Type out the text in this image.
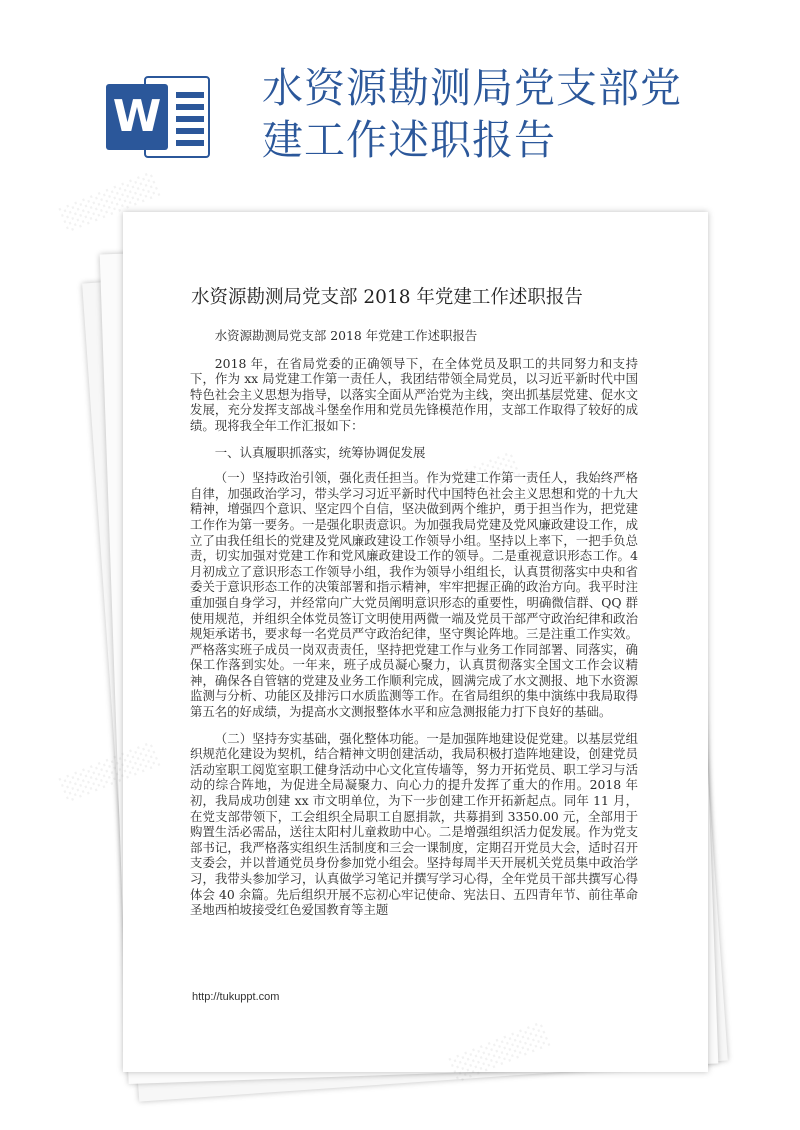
W
水资源勘测局党支部党
建工作述职报告
水资源勘测局党支部 2018 年党建工作述职报告

水资源勘测局党支部 2018 年党建工作述职报告

2018 年，在省局党委的正确领导下，在全体党员及职工的共同努力和支持下，作为 xx 局党建工作第一责任人，我团结带领全局党员，以习近平新时代中国特色社会主义思想为指导，以落实全面从严治党为主线，突出抓基层党建、促水文发展，充分发挥支部战斗堡垒作用和党员先锋模范作用，支部工作取得了较好的成绩。现将我全年工作汇报如下：

一、认真履职抓落实，统筹协调促发展

（一）坚持政治引领，强化责任担当。作为党建工作第一责任人，我始终严格自律，加强政治学习，带头学习习近平新时代中国特色社会主义思想和党的十九大精神，增强四个意识、坚定四个自信，坚决做到两个维护，勇于担当作为，把党建工作作为第一要务。一是强化职责意识。为加强我局党建及党风廉政建设工作，成立了由我任组长的党建及党风廉政建设工作领导小组。坚持以上率下，一把手负总责，切实加强对党建工作和党风廉政建设工作的领导。二是重视意识形态工作。4 月初成立了意识形态工作领导小组，我作为领导小组组长，认真贯彻落实中央和省委关于意识形态工作的决策部署和指示精神，牢牢把握正确的政治方向。我平时注重加强自身学习，并经常向广大党员阐明意识形态的重要性，明确微信群、QQ 群使用规范，并组织全体党员签订文明使用两微一端及党员干部严守政治纪律和政治规矩承诺书，要求每一名党员严守政治纪律，坚守舆论阵地。三是注重工作实效。严格落实班子成员一岗双责责任，坚持把党建工作与业务工作同部署、同落实，确保工作落到实处。一年来，班子成员凝心聚力，认真贯彻落实全国文工作会议精神，确保各自管辖的党建及业务工作顺利完成，圆满完成了水文测报、地下水资源监测与分析、功能区及排污口水质监测等工作。在省局组织的集中演练中我局取得第五名的好成绩，为提高水文测报整体水平和应急测报能力打下良好的基础。

（二）坚持夯实基础，强化整体功能。一是加强阵地建设促党建。以基层党组织规范化建设为契机，结合精神文明创建活动，我局积极打造阵地建设，创建党员活动室职工阅览室职工健身活动中心文化宣传墙等，努力开拓党员、职工学习与活动的综合阵地，为促进全局凝聚力、向心力的提升发挥了重大的作用。2018 年初，我局成功创建 xx 市文明单位，为下一步创建工作开拓新起点。同年 11 月，在党支部带领下，工会组织全局职工自愿捐款，共募捐到 3350.00 元，全部用于购置生活必需品，送往太阳村儿童救助中心。二是增强组织活力促发展。作为党支部书记，我严格落实组织生活制度和三会一课制度，定期召开党员大会，适时召开支委会，并以普通党员身份参加党小组会。坚持每周半天开展机关党员集中政治学习，我带头参加学习，认真做学习笔记并撰写学习心得，全年党员干部共撰写心得体会 40 余篇。先后组织开展不忘初心牢记使命、宪法日、五四青年节、前往革命圣地西柏坡接受红色爱国教育等主题

http://tukuppt.com
░░░░░░
░░░░░░
